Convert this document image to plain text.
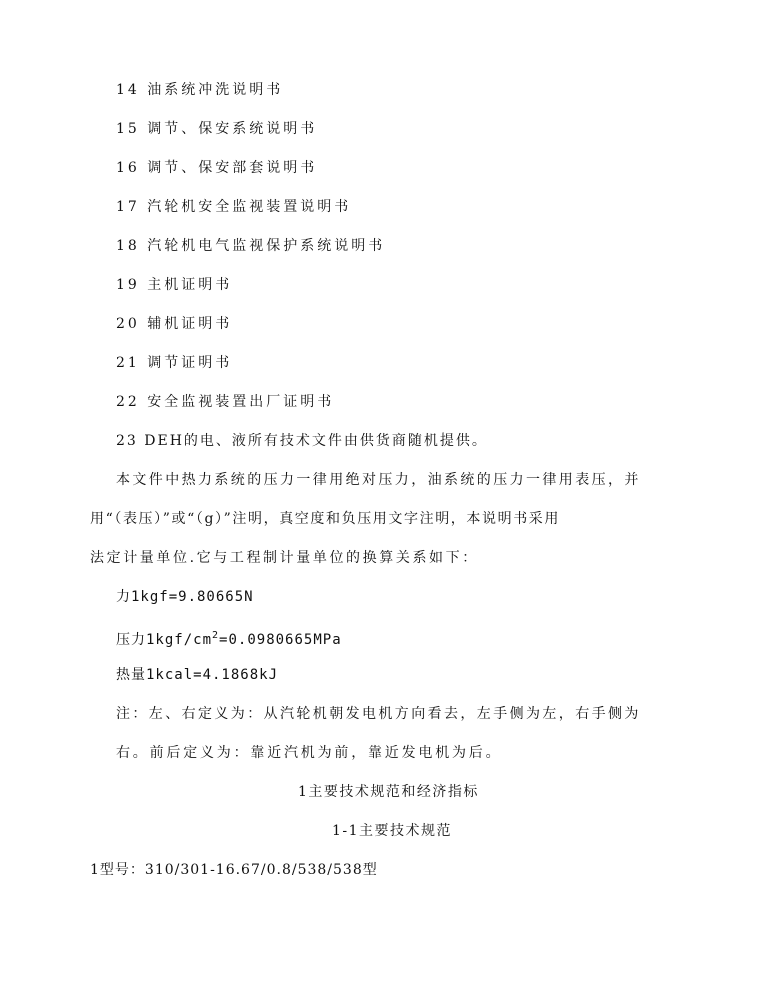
14 油系统冲洗说明书
15 调节、保安系统说明书
16 调节、保安部套说明书
17 汽轮机安全监视装置说明书
18 汽轮机电气监视保护系统说明书
19 主机证明书
20 辅机证明书
21 调节证明书
22 安全监视装置出厂证明书
23 DEH的电、液所有技术文件由供货商随机提供。
本文件中热力系统的压力一律用绝对压力，油系统的压力一律用表压，并
用“（表压）”或“（g）”注明，真空度和负压用文字注明，本说明书采用
法定计量单位.它与工程制计量单位的换算关系如下：
力1kgf=9.80665N
压力$1kgf/cm^2=0.0980665MPa$
热量1kcal=4.1868kJ
注：左、右定义为：从汽轮机朝发电机方向看去，左手侧为左，右手侧为
右。前后定义为：靠近汽机为前，靠近发电机为后。
1主要技术规范和经济指标
1-1主要技术规范
1型号：310/301-16.67/0.8/538/538型
